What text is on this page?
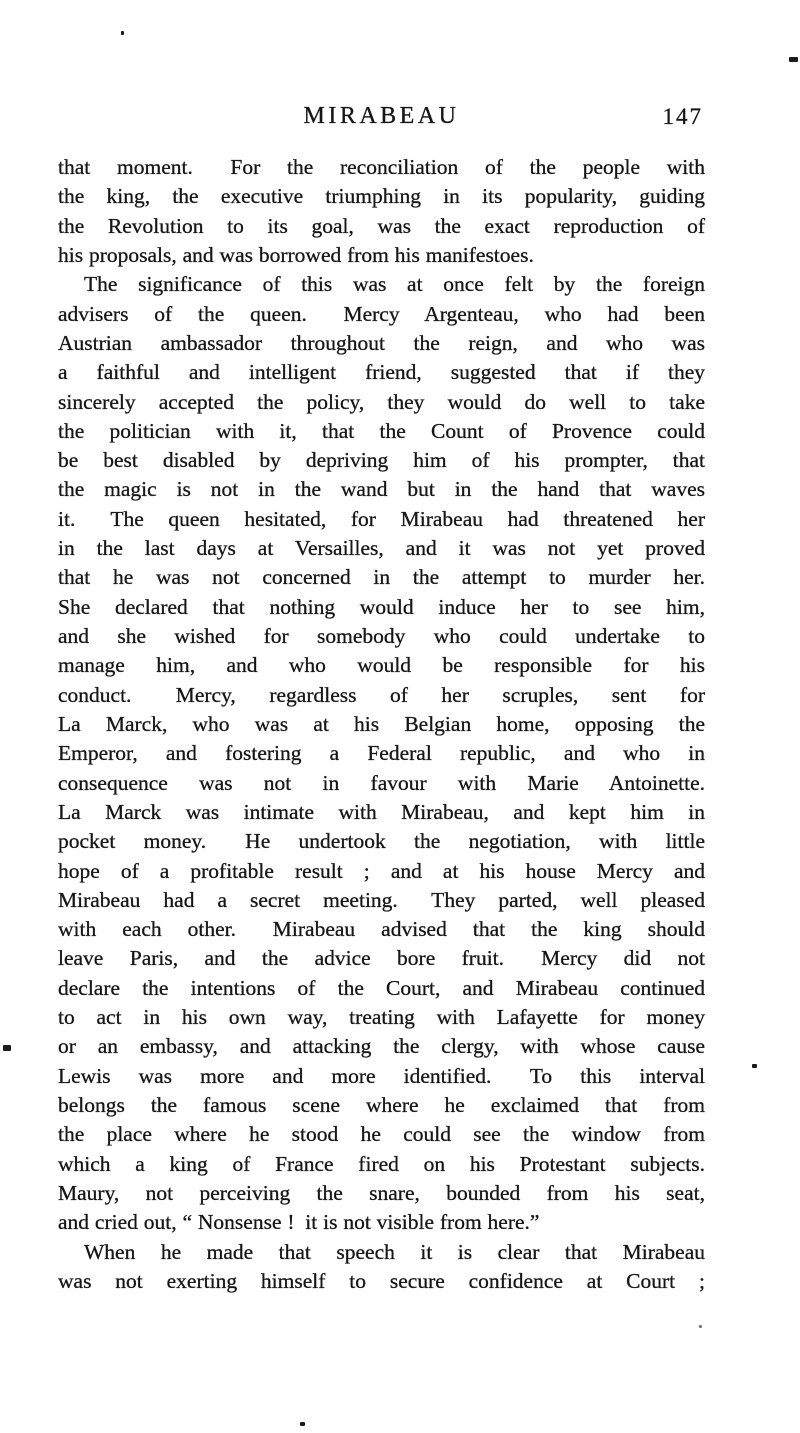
MIRABEAU	147
that moment.  For the reconciliation of the people with
the king, the executive triumphing in its popularity, guiding
the Revolution to its goal, was the exact reproduction of
his proposals, and was borrowed from his manifestoes.
The significance of this was at once felt by the foreign
advisers of the queen.  Mercy Argenteau, who had been
Austrian ambassador throughout the reign, and who was
a faithful and intelligent friend, suggested that if they
sincerely accepted the policy, they would do well to take
the politician with it, that the Count of Provence could
be best disabled by depriving him of his prompter, that
the magic is not in the wand but in the hand that waves
it.  The queen hesitated, for Mirabeau had threatened her
in the last days at Versailles, and it was not yet proved
that he was not concerned in the attempt to murder her.
She declared that nothing would induce her to see him,
and she wished for somebody who could undertake to
manage him, and who would be responsible for his
conduct.  Mercy, regardless of her scruples, sent for
La Marck, who was at his Belgian home, opposing the
Emperor, and fostering a Federal republic, and who in
consequence was not in favour with Marie Antoinette.
La Marck was intimate with Mirabeau, and kept him in
pocket money.  He undertook the negotiation, with little
hope of a profitable result ; and at his house Mercy and
Mirabeau had a secret meeting.  They parted, well pleased
with each other.  Mirabeau advised that the king should
leave Paris, and the advice bore fruit.  Mercy did not
declare the intentions of the Court, and Mirabeau continued
to act in his own way, treating with Lafayette for money
or an embassy, and attacking the clergy, with whose cause
Lewis was more and more identified.  To this interval
belongs the famous scene where he exclaimed that from
the place where he stood he could see the window from
which a king of France fired on his Protestant subjects.
Maury, not perceiving the snare, bounded from his seat,
and cried out, “ Nonsense ! it is not visible from here.”
When he made that speech it is clear that Mirabeau
was not exerting himself to secure confidence at Court ;
